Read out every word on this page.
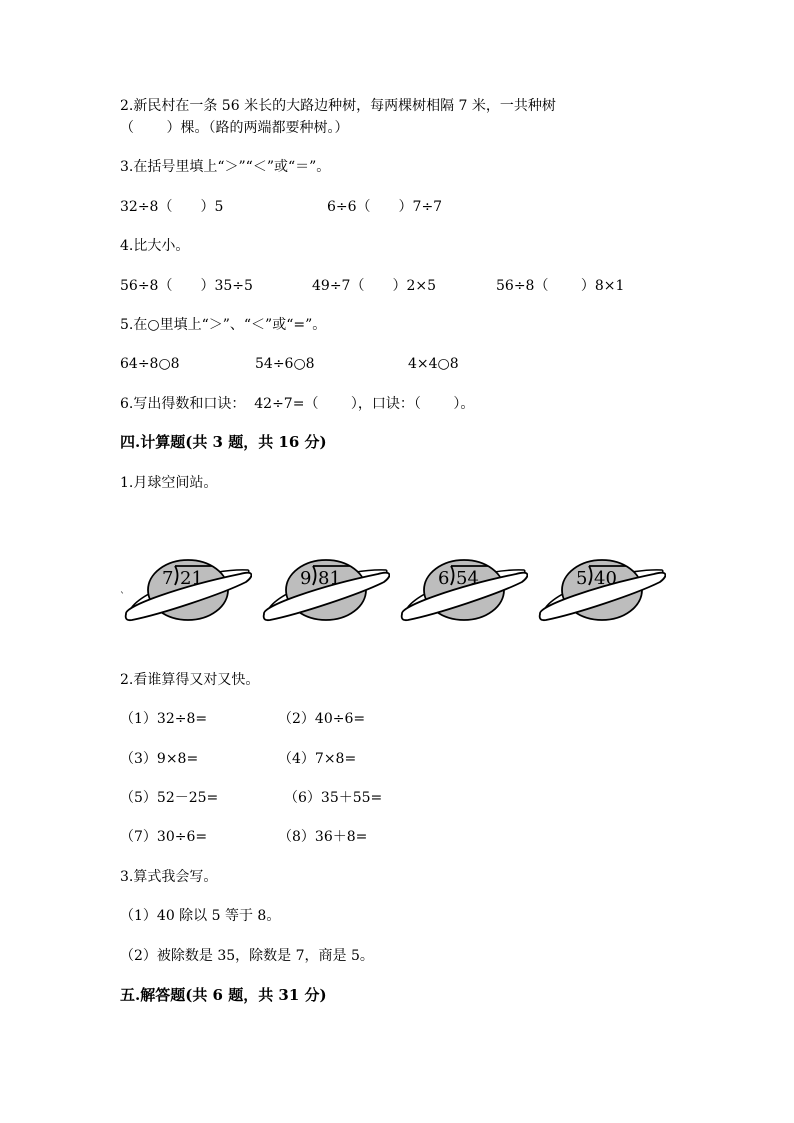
2.新民村在一条 56 米长的大路边种树，每两棵树相隔 7 米，一共种树
（　　 ）棵。（路的两端都要种树。）
3.在括号里填上“＞”“＜”或“＝”。
32÷8（　　）5	6÷6（　　）7÷7
4.比大小。
56÷8（　　）35÷5	49÷7（　　）2×5	56÷8（　　 ）8×1
5.在○里填上“＞”、“＜”或“=”。
64÷8○8	54÷6○8	4×4○8
6.写出得数和口诀：  42÷7=（　　 ），口诀：（　　 ）。
四.计算题(共 3 题，共 16 分)
1.月球空间站。
`
7 21	9 81	6 54	5 40
2.看谁算得又对又快。
（1）32÷8=	（2）40÷6=
（3）9×8=	（4）7×8=
（5）52－25=	（6）35＋55=
（7）30÷6=	（8）36＋8=
3.算式我会写。
（1）40 除以 5 等于 8。
（2）被除数是 35，除数是 7，商是 5。
五.解答题(共 6 题，共 31 分)
